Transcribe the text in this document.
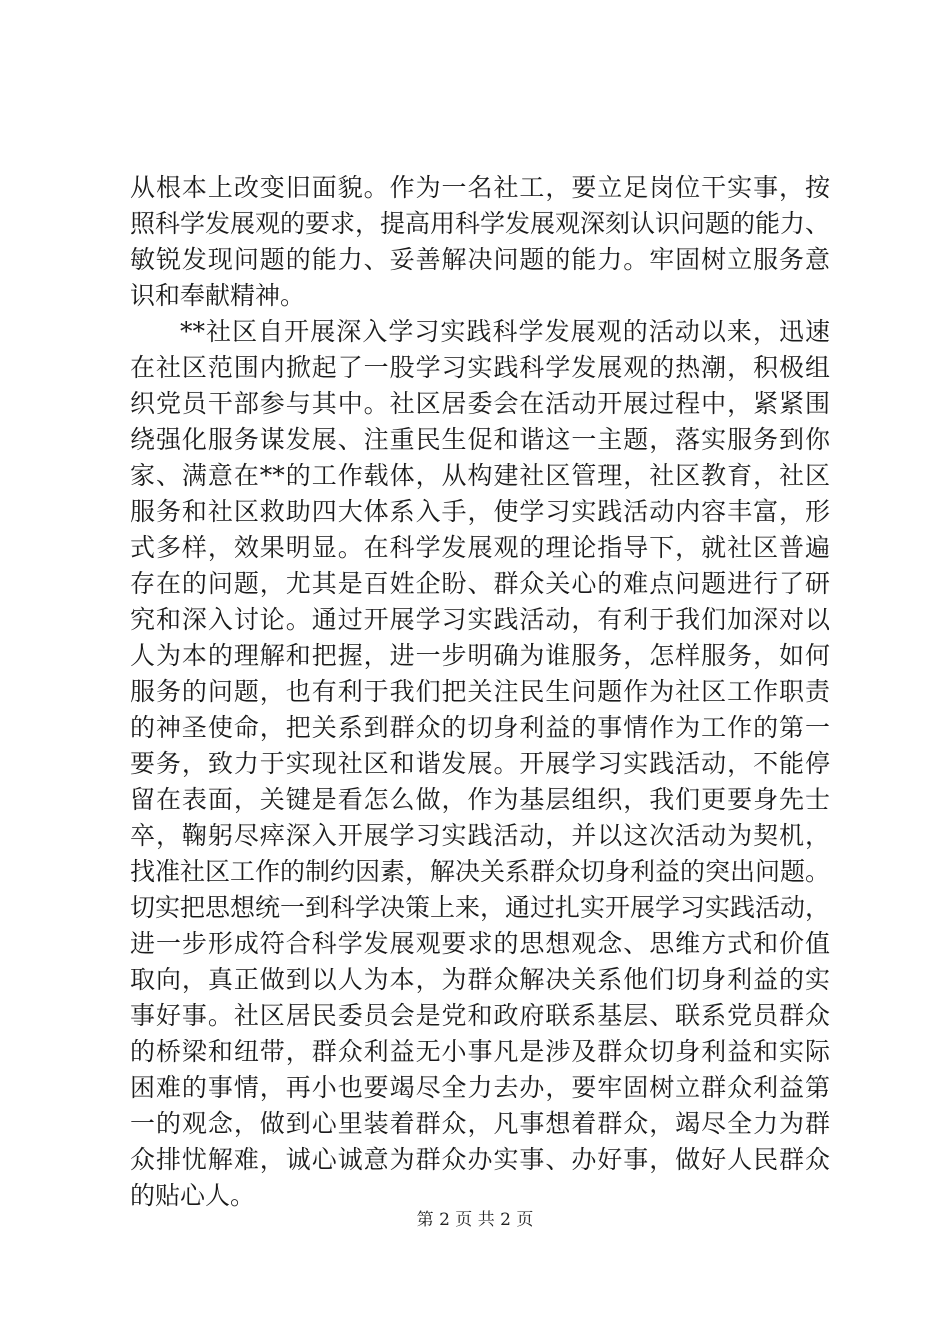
从根本上改变旧面貌。作为一名社工，要立足岗位干实事，按
照科学发展观的要求，提高用科学发展观深刻认识问题的能力、
敏锐发现问题的能力、妥善解决问题的能力。牢固树立服务意
识和奉献精神。
**社区自开展深入学习实践科学发展观的活动以来，迅速
在社区范围内掀起了一股学习实践科学发展观的热潮，积极组
织党员干部参与其中。社区居委会在活动开展过程中，紧紧围
绕强化服务谋发展、注重民生促和谐这一主题，落实服务到你
家、满意在**的工作载体，从构建社区管理，社区教育，社区
服务和社区救助四大体系入手，使学习实践活动内容丰富，形
式多样，效果明显。在科学发展观的理论指导下，就社区普遍
存在的问题，尤其是百姓企盼、群众关心的难点问题进行了研
究和深入讨论。通过开展学习实践活动，有利于我们加深对以
人为本的理解和把握，进一步明确为谁服务，怎样服务，如何
服务的问题，也有利于我们把关注民生问题作为社区工作职责
的神圣使命，把关系到群众的切身利益的事情作为工作的第一
要务，致力于实现社区和谐发展。开展学习实践活动，不能停
留在表面，关键是看怎么做，作为基层组织，我们更要身先士
卒，鞠躬尽瘁深入开展学习实践活动，并以这次活动为契机，
找准社区工作的制约因素，解决关系群众切身利益的突出问题。
切实把思想统一到科学决策上来，通过扎实开展学习实践活动，
进一步形成符合科学发展观要求的思想观念、思维方式和价值
取向，真正做到以人为本，为群众解决关系他们切身利益的实
事好事。社区居民委员会是党和政府联系基层、联系党员群众
的桥梁和纽带，群众利益无小事凡是涉及群众切身利益和实际
困难的事情，再小也要竭尽全力去办，要牢固树立群众利益第
一的观念，做到心里装着群众，凡事想着群众，竭尽全力为群
众排忧解难，诚心诚意为群众办实事、办好事，做好人民群众
的贴心人。
第 2 页 共 2 页
